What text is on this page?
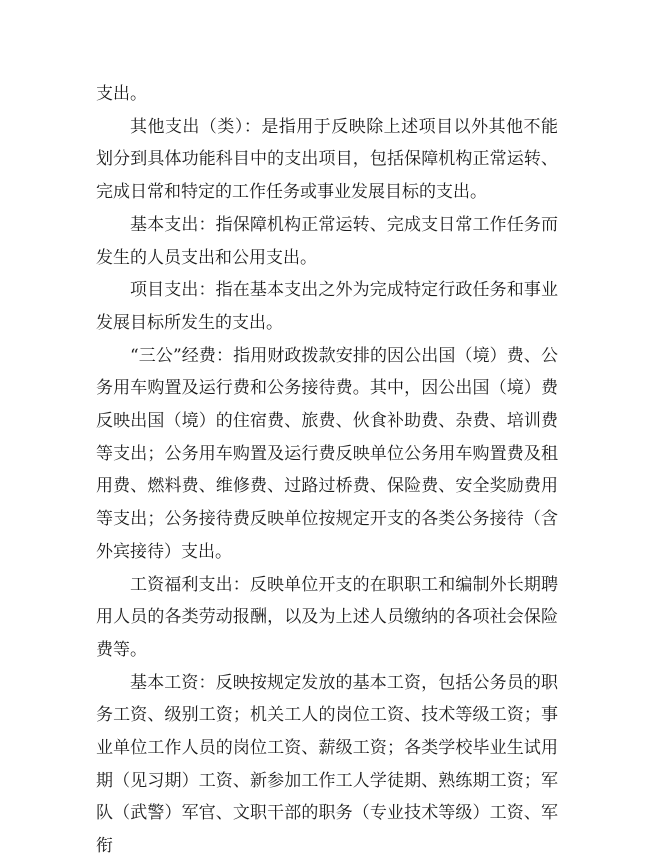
支出。

其他支出（类）：是指用于反映除上述项目以外其他不能划分到具体功能科目中的支出项目，包括保障机构正常运转、完成日常和特定的工作任务或事业发展目标的支出。

基本支出：指保障机构正常运转、完成支日常工作任务而发生的人员支出和公用支出。

项目支出：指在基本支出之外为完成特定行政任务和事业发展目标所发生的支出。

“三公”经费：指用财政拨款安排的因公出国（境）费、公务用车购置及运行费和公务接待费。其中，因公出国（境）费反映出国（境）的住宿费、旅费、伙食补助费、杂费、培训费等支出；公务用车购置及运行费反映单位公务用车购置费及租用费、燃料费、维修费、过路过桥费、保险费、安全奖励费用等支出；公务接待费反映单位按规定开支的各类公务接待（含外宾接待）支出。

工资福利支出：反映单位开支的在职职工和编制外长期聘用人员的各类劳动报酬，以及为上述人员缴纳的各项社会保险费等。

基本工资：反映按规定发放的基本工资，包括公务员的职务工资、级别工资；机关工人的岗位工资、技术等级工资；事业单位工作人员的岗位工资、薪级工资；各类学校毕业生试用期（见习期）工资、新参加工作工人学徒期、熟练期工资；军队（武警）军官、文职干部的职务（专业技术等级）工资、军衔
